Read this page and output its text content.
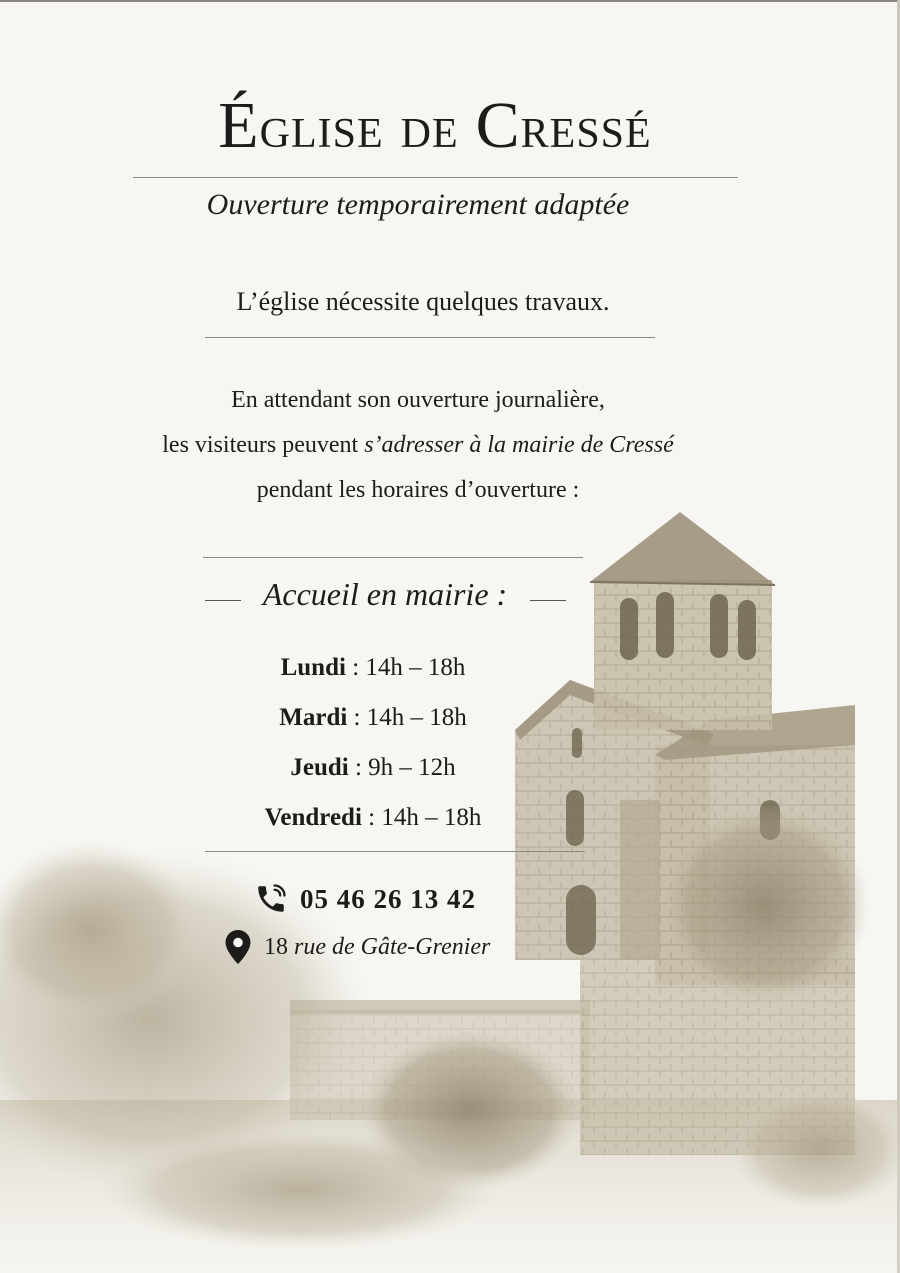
ÉGLISE DE CRESSÉ
Ouverture temporairement adaptée
L’église nécessite quelques travaux.
En attendant son ouverture journalière,
les visiteurs peuvent s’adresser à la mairie de Cressé
pendant les horaires d’ouverture :
Accueil en mairie :
Lundi : 14h – 18h
Mardi : 14h – 18h
Jeudi : 9h – 12h
Vendredi : 14h – 18h
05 46 26 13 42
18 rue de Gâte-Grenier
